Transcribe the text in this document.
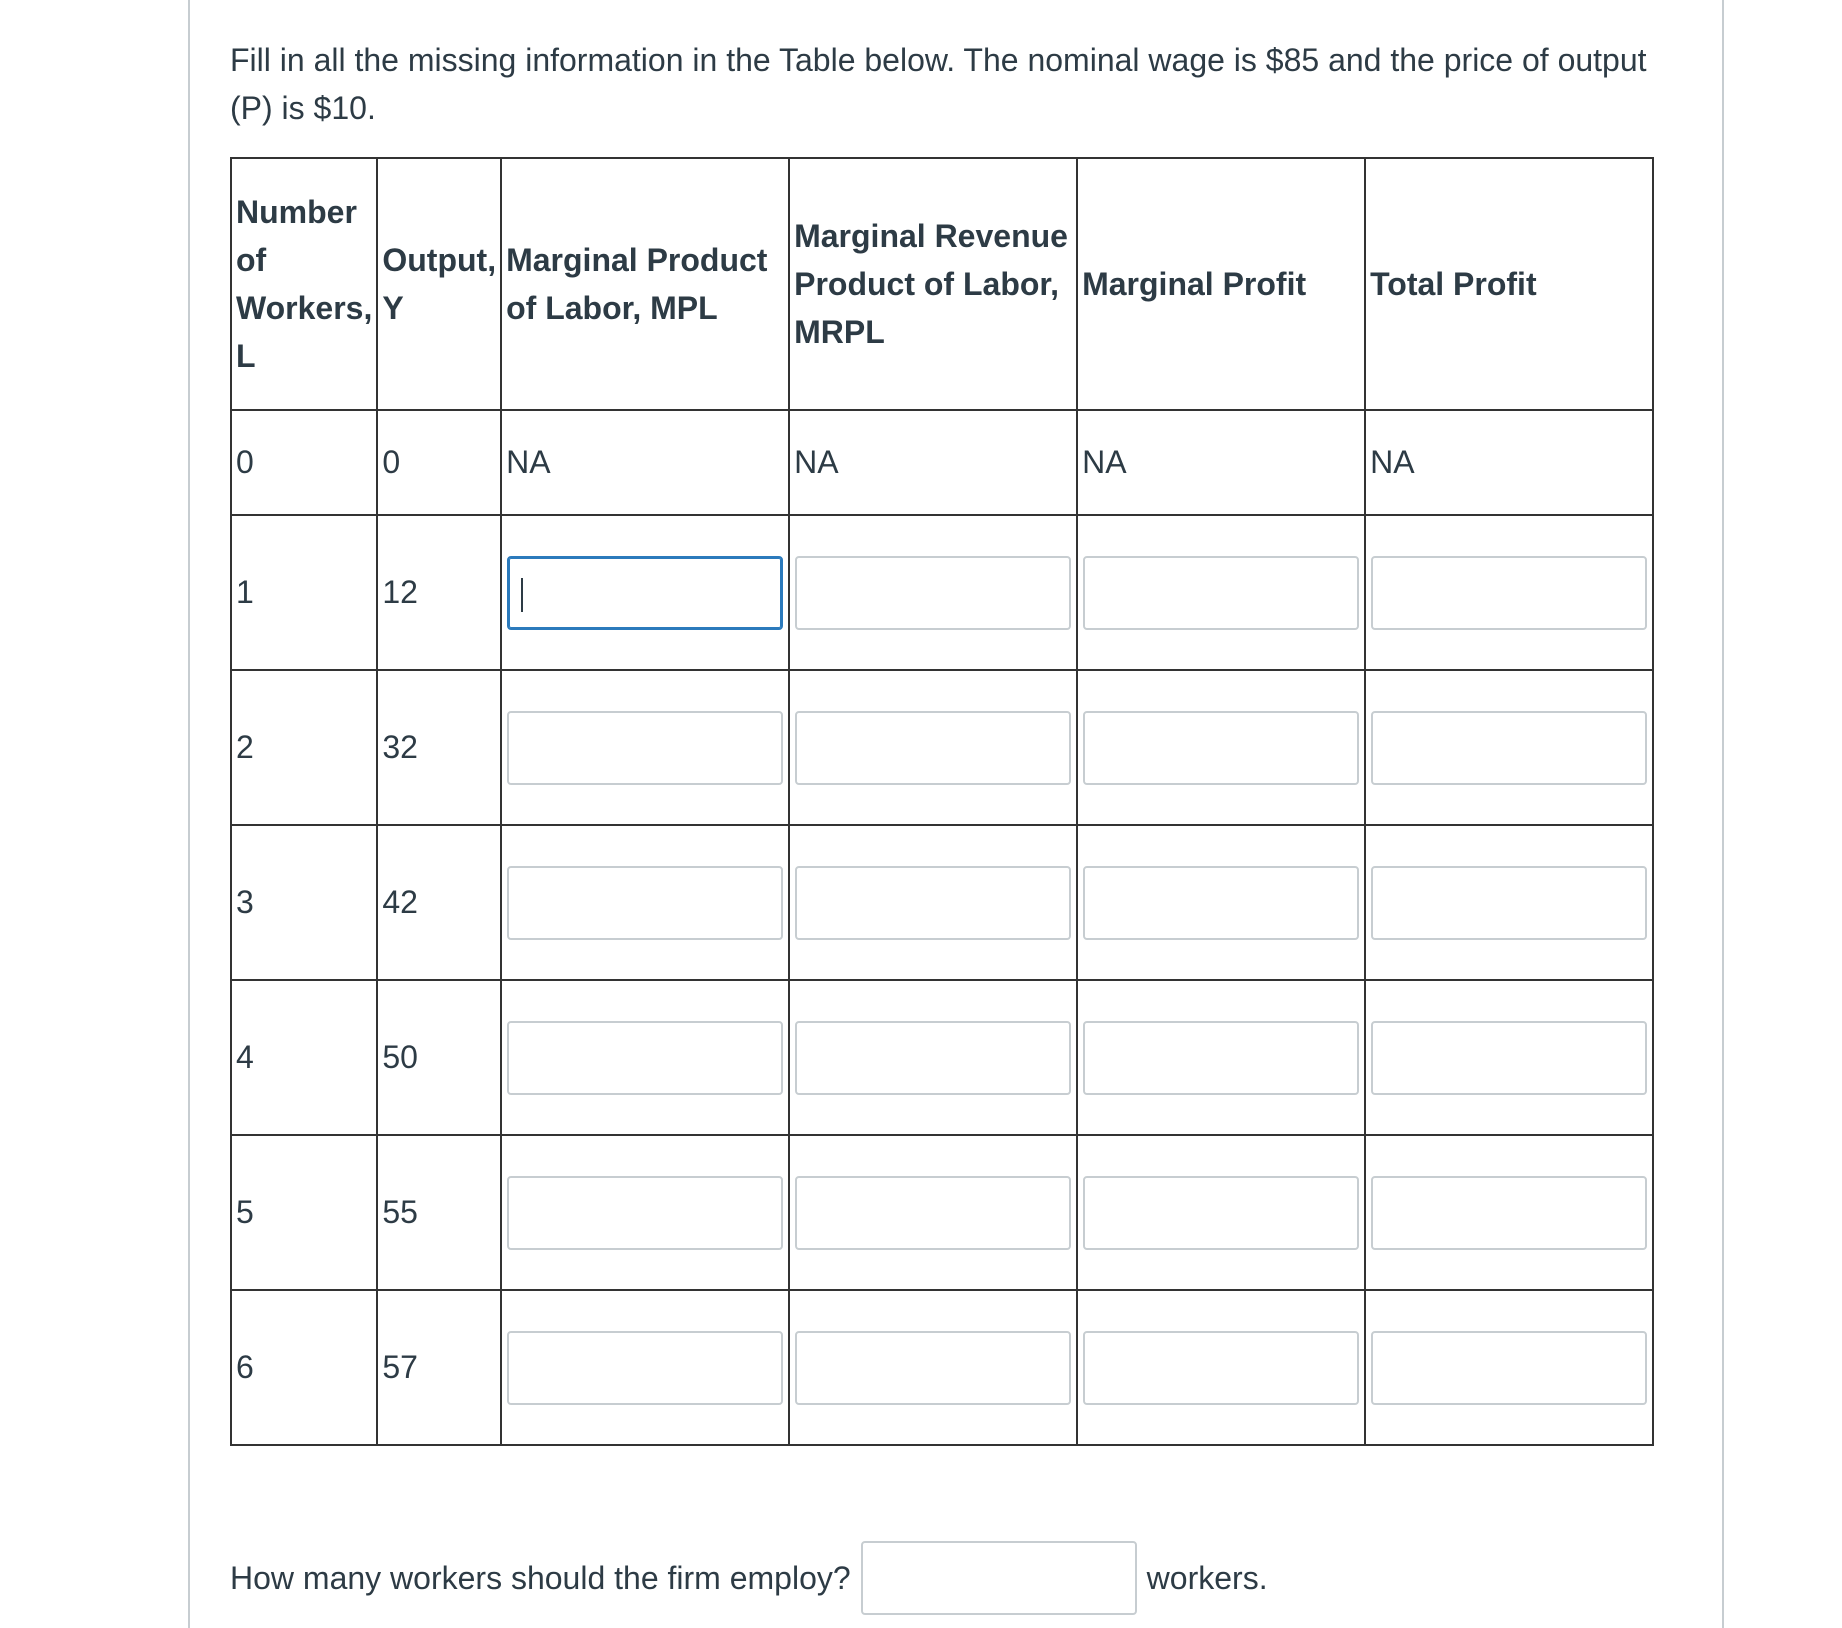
Fill in all the missing information in the Table below. The nominal wage is $85 and the price of output (P) is $10.
Number of Workers, L	Output, Y	Marginal Product of Labor, MPL	Marginal Revenue Product of Labor, MRPL	Marginal Profit	Total Profit
0	0	NA	NA	NA	NA
1	12	

2	32	

3	42	

4	50	

5	55	

6	57	

How many workers should the firm employ?	workers.
